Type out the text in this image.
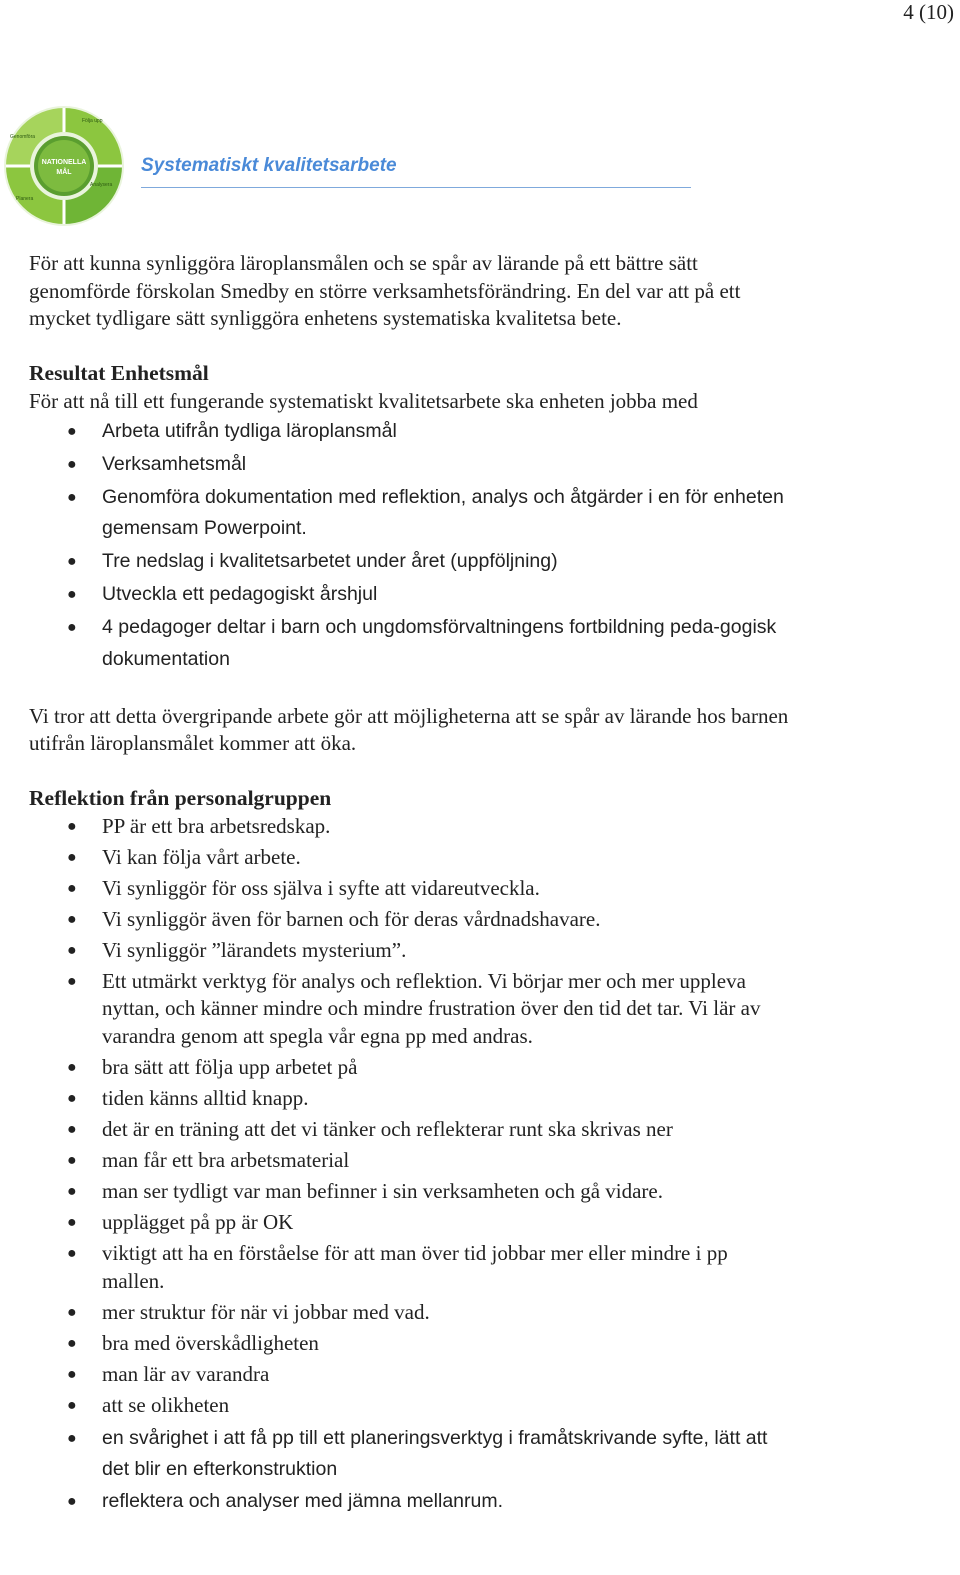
4 (10)
NATIONELLA
MÅL
Följa upp
Genomföra
Planera
Analysera
Systematiskt kvalitetsarbete

För att kunna synliggöra läroplansmålen och se spår av lärande på ett bättre sätt genomförde förskolan Smedby en större verksamhetsförändring. En del var att på ett mycket tydligare sätt synliggöra enhetens systematiska kvalitetsa bete.

Resultat Enhetsmål

För att nå till ett fungerande systematiskt kvalitetsarbete ska enheten jobba med

● Arbeta utifrån tydliga läroplansmål
● Verksamhetsmål
● Genomföra dokumentation med reflektion, analys och åtgärder i en för enheten gemensam Powerpoint.
● Tre nedslag i kvalitetsarbetet under året (uppföljning)
● Utveckla ett pedagogiskt årshjul
● 4 pedagoger deltar i barn och ungdomsförvaltningens fortbildning peda-gogisk dokumentation

Vi tror att detta övergripande arbete gör att möjligheterna att se spår av lärande hos barnen utifrån läroplansmålet kommer att öka.

Reflektion från personalgruppen
● PP är ett bra arbetsredskap.
● Vi kan följa vårt arbete.
● Vi synliggör för oss själva i syfte att vidareutveckla.
● Vi synliggör även för barnen och för deras vårdnadshavare.
● Vi synliggör ”lärandets mysterium”.
● Ett utmärkt verktyg för analys och reflektion. Vi börjar mer och mer uppleva nyttan, och känner mindre och mindre frustration över den tid det tar. Vi lär av varandra genom att spegla vår egna pp med andras.
● bra sätt att följa upp arbetet på
● tiden känns alltid knapp.
● det är en träning att det vi tänker och reflekterar runt ska skrivas ner
● man får ett bra arbetsmaterial
● man ser tydligt var man befinner i sin verksamheten och gå vidare.
● upplägget på pp är OK
● viktigt att ha en förståelse för att man över tid jobbar mer eller mindre i pp mallen.
● mer struktur för när vi jobbar med vad.
● bra med överskådligheten
● man lär av varandra
● att se olikheten
● en svårighet i att få pp till ett planeringsverktyg i framåtskrivande syfte, lätt att det blir en efterkonstruktion
● reflektera och analyser med jämna mellanrum.
